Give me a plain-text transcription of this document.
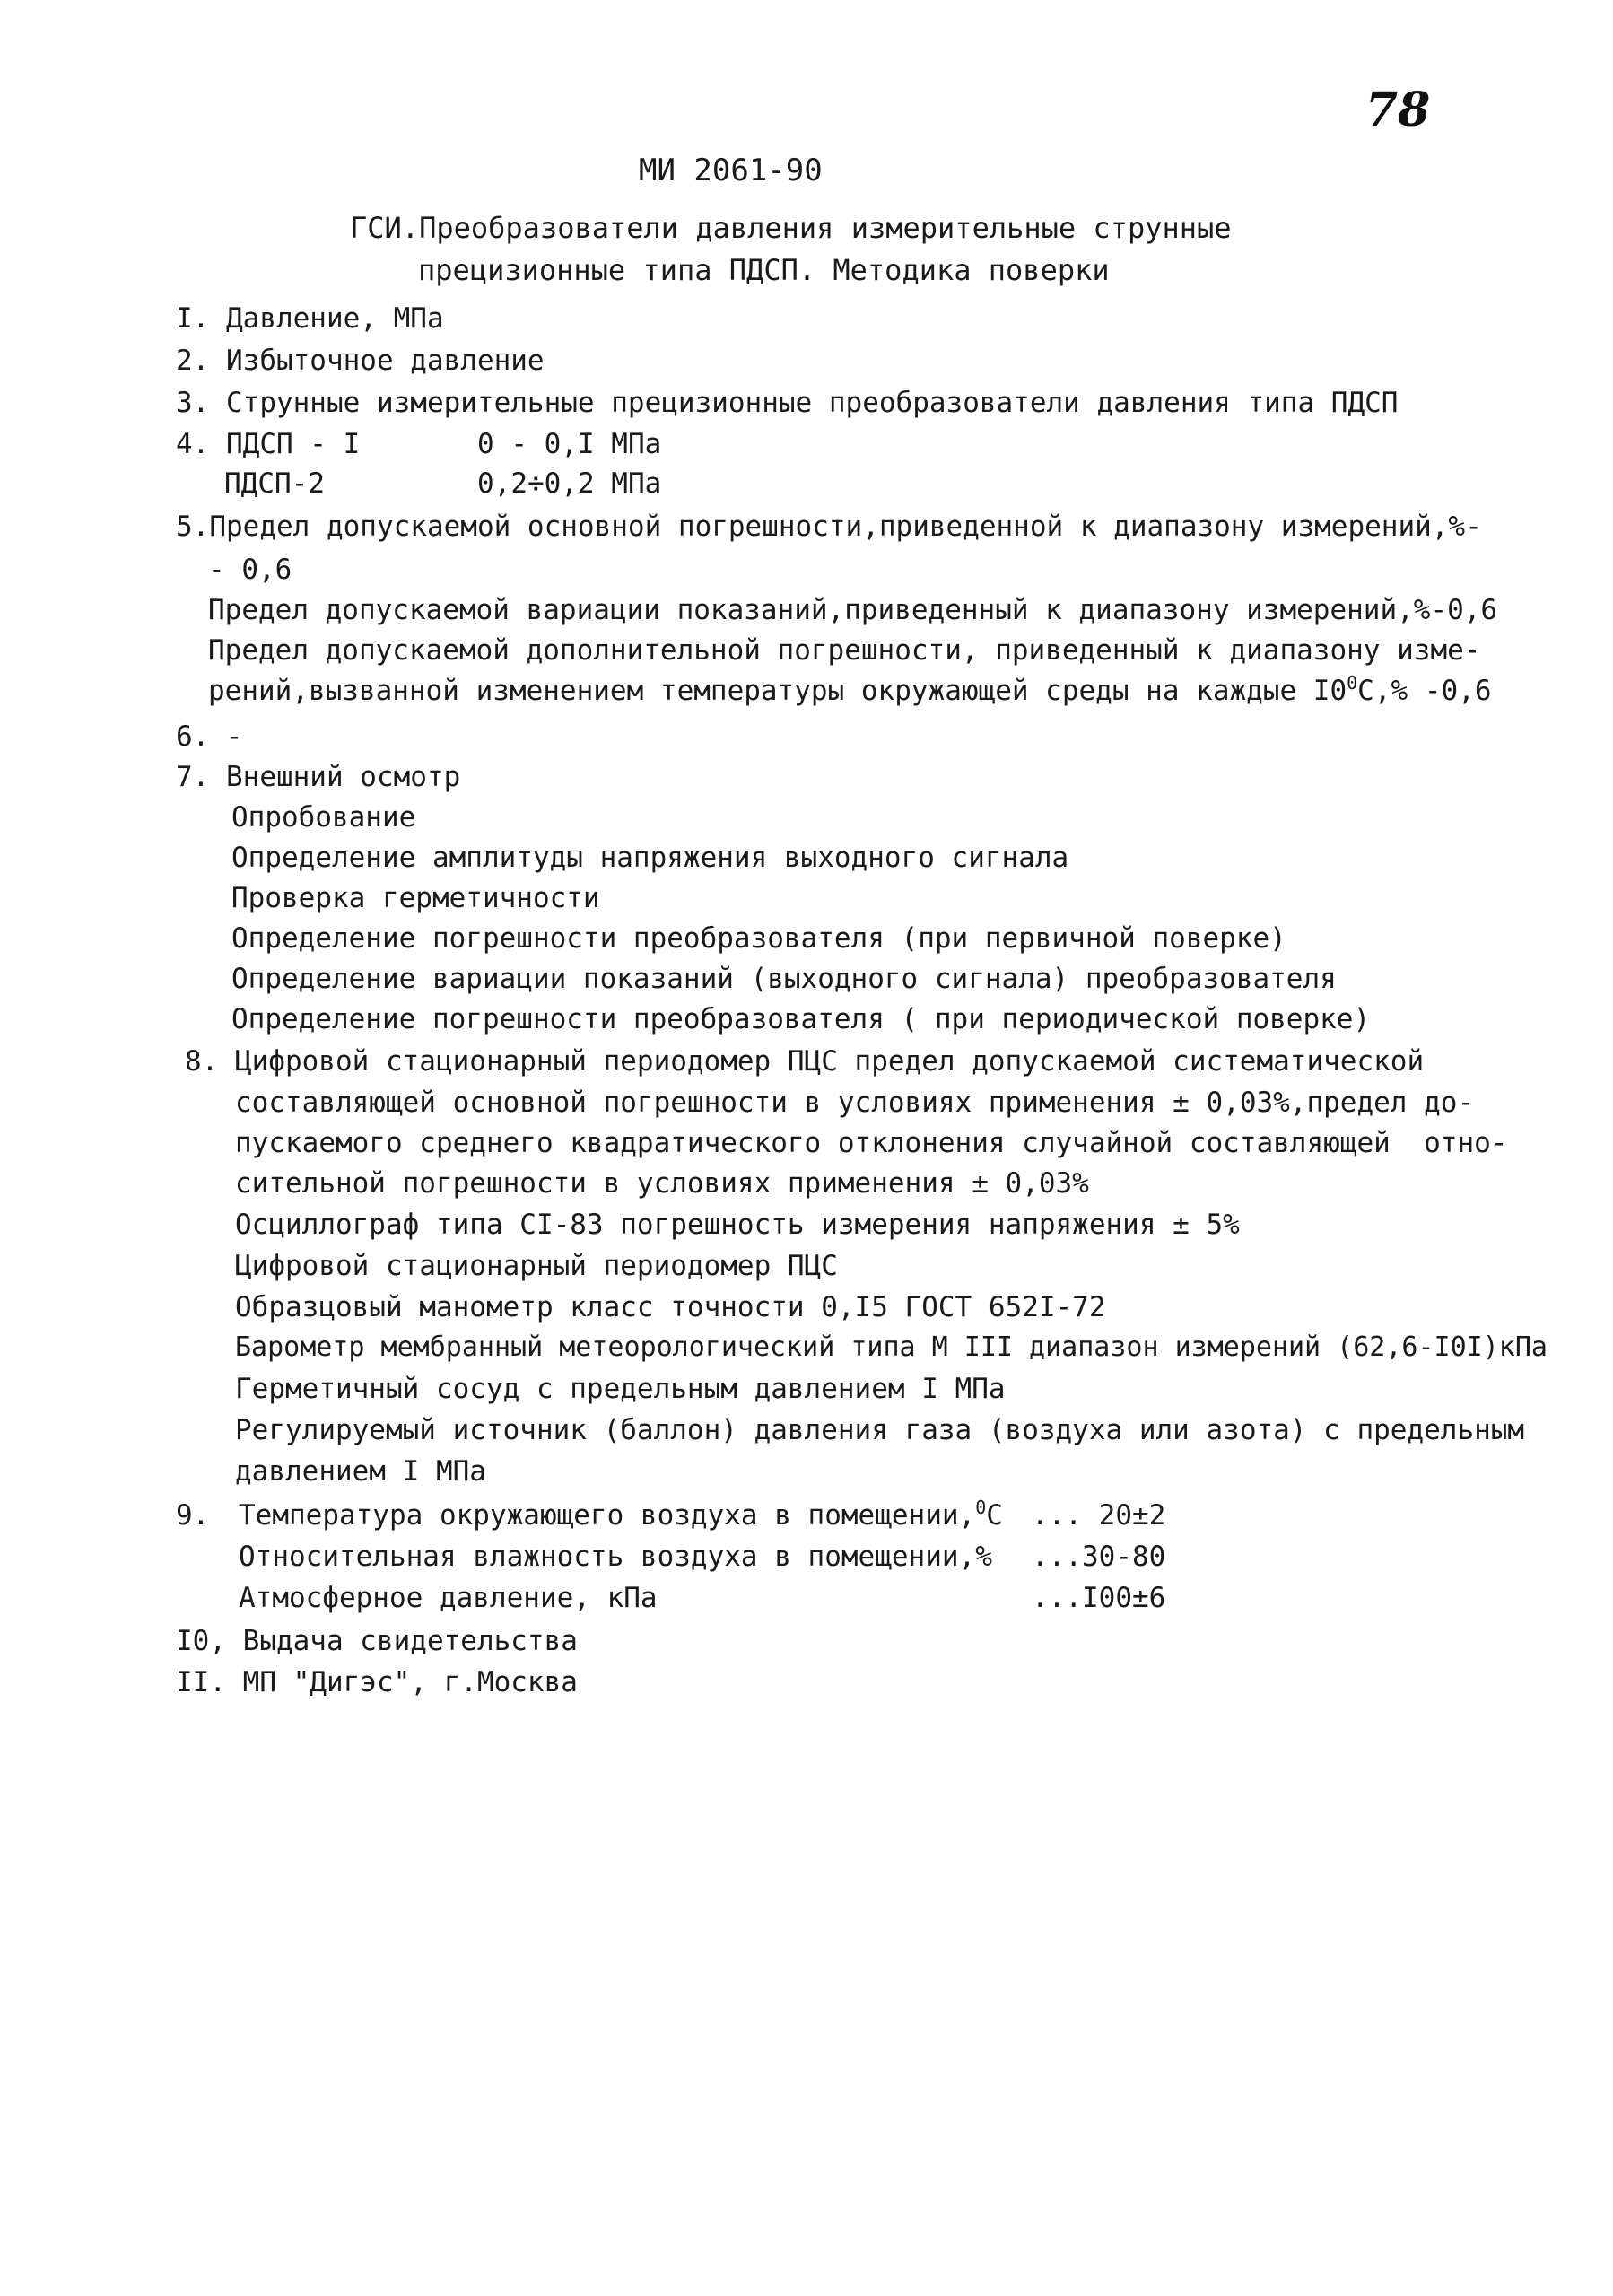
78
МИ 2061-90
ГСИ.Преобразователи давления измерительные струнные
прецизионные типа ПДСП. Методика поверки
I. Давление, МПа
2. Избыточное давление
3. Струнные измерительные прецизионные преобразователи давления типа ПДСП
4. ПДСП - I	0 - 0,I МПа
ПДСП-2	0,2÷0,2 МПа
5.Предел допускаемой основной погрешности,приведенной к диапазону измерений,%-
- 0,6
Предел допускаемой вариации показаний,приведенный к диапазону измерений,%-0,6
Предел допускаемой дополнительной погрешности, приведенный к диапазону изме-
рений,вызванной изменением температуры окружающей среды на каждые $I0^0С,\%$ -0,6
6. -
7. Внешний осмотр
Опробование
Определение амплитуды напряжения выходного сигнала
Проверка герметичности
Определение погрешности преобразователя (при первичной поверке)
Определение вариации показаний (выходного сигнала) преобразователя
Определение погрешности преобразователя ( при периодической поверке)
8. Цифровой стационарный периодомер ПЦС предел допускаемой систематической
составляющей основной погрешности в условиях применения ± 0,03%,предел до-
пускаемого среднего квадратического отклонения случайной составляющей  отно-
сительной погрешности в условиях применения ± 0,03%
Осциллограф типа CI-83 погрешность измерения напряжения ± 5%
Цифровой стационарный периодомер ПЦС
Образцовый манометр класс точности 0,I5 ГОСТ 652I-72
Барометр мембранный метеорологический типа М III диапазон измерений (62,6-I0I)кПа
Герметичный сосуд с предельным давлением I МПа
Регулируемый источник (баллон) давления газа (воздуха или азота) с предельным
давлением I МПа
9. Температура окружающего воздуха в помещении,$^0$С ... 20±2
Относительная влажность воздуха в помещении,% ...30-80
Атмосферное давление, кПа	...I00±6
I0, Выдача свидетельства
II. МП "Дигэс", г.Москва
